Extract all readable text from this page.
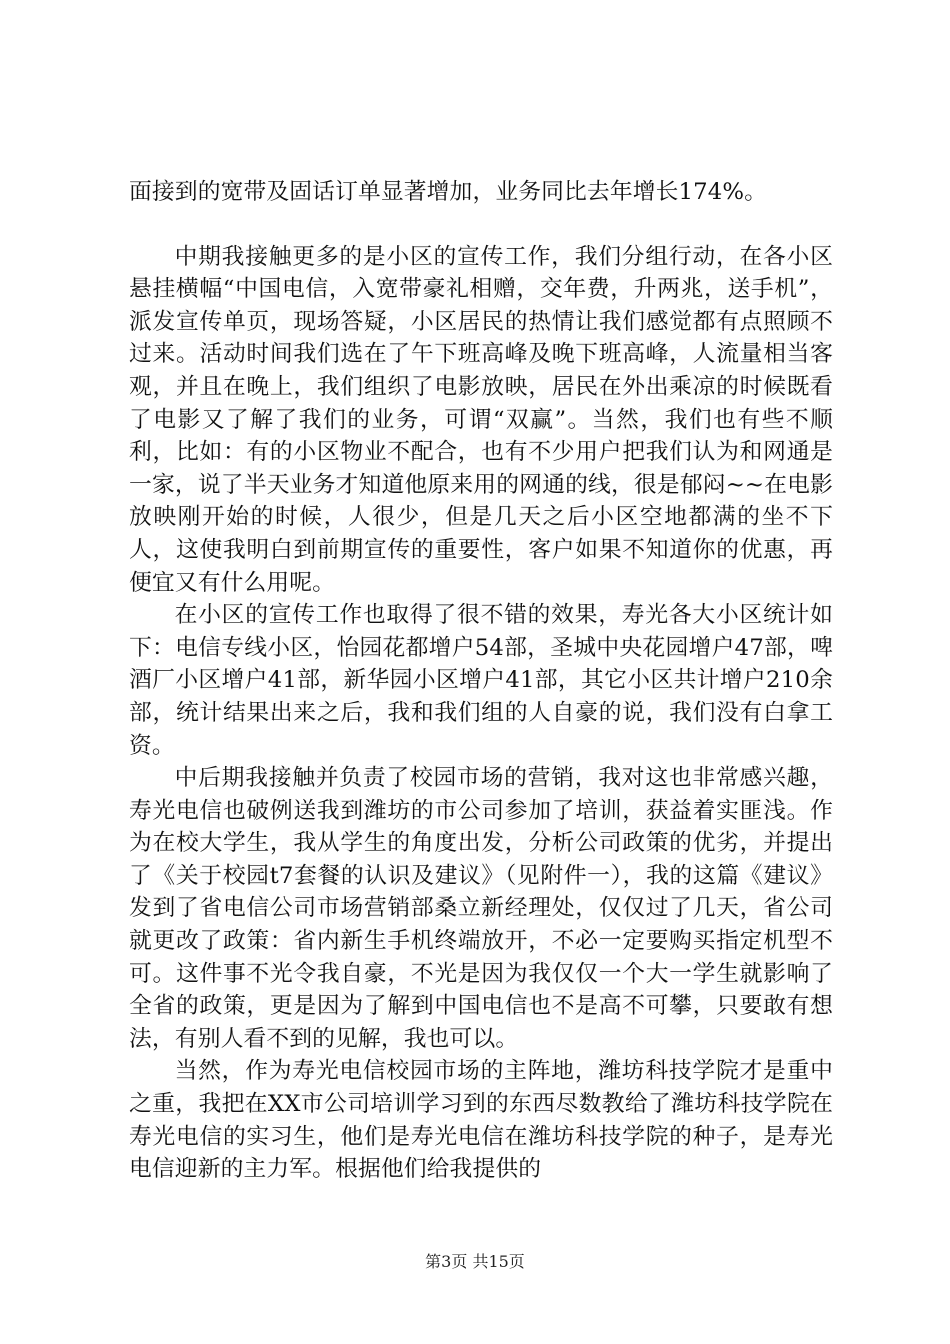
面接到的宽带及固话订单显著增加，业务同比去年增长174%。

中期我接触更多的是小区的宣传工作，我们分组行动，在各小区悬挂横幅“中国电信，入宽带豪礼相赠，交年费，升两兆，送手机”，派发宣传单页，现场答疑，小区居民的热情让我们感觉都有点照顾不过来。活动时间我们选在了午下班高峰及晚下班高峰，人流量相当客观，并且在晚上，我们组织了电影放映，居民在外出乘凉的时候既看了电影又了解了我们的业务，可谓“双赢”。当然，我们也有些不顺利，比如：有的小区物业不配合，也有不少用户把我们认为和网通是一家，说了半天业务才知道他原来用的网通的线，很是郁闷~~在电影放映刚开始的时候，人很少，但是几天之后小区空地都满的坐不下人，这使我明白到前期宣传的重要性，客户如果不知道你的优惠，再便宜又有什么用呢。

在小区的宣传工作也取得了很不错的效果，寿光各大小区统计如下：电信专线小区，怡园花都增户54部，圣城中央花园增户47部，啤酒厂小区增户41部，新华园小区增户41部，其它小区共计增户210余部，统计结果出来之后，我和我们组的人自豪的说，我们没有白拿工资。

中后期我接触并负责了校园市场的营销，我对这也非常感兴趣，寿光电信也破例送我到潍坊的市公司参加了培训，获益着实匪浅。作为在校大学生，我从学生的角度出发，分析公司政策的优劣，并提出了《关于校园t7套餐的认识及建议》（见附件一），我的这篇《建议》发到了省电信公司市场营销部桑立新经理处，仅仅过了几天，省公司就更改了政策：省内新生手机终端放开，不必一定要购买指定机型不可。这件事不光令我自豪，不光是因为我仅仅一个大一学生就影响了全省的政策，更是因为了解到中国电信也不是高不可攀，只要敢有想法，有别人看不到的见解，我也可以。

当然，作为寿光电信校园市场的主阵地，潍坊科技学院才是重中之重，我把在XX市公司培训学习到的东西尽数教给了潍坊科技学院在寿光电信的实习生，他们是寿光电信在潍坊科技学院的种子，是寿光电信迎新的主力军。根据他们给我提供的

第3页 共15页
